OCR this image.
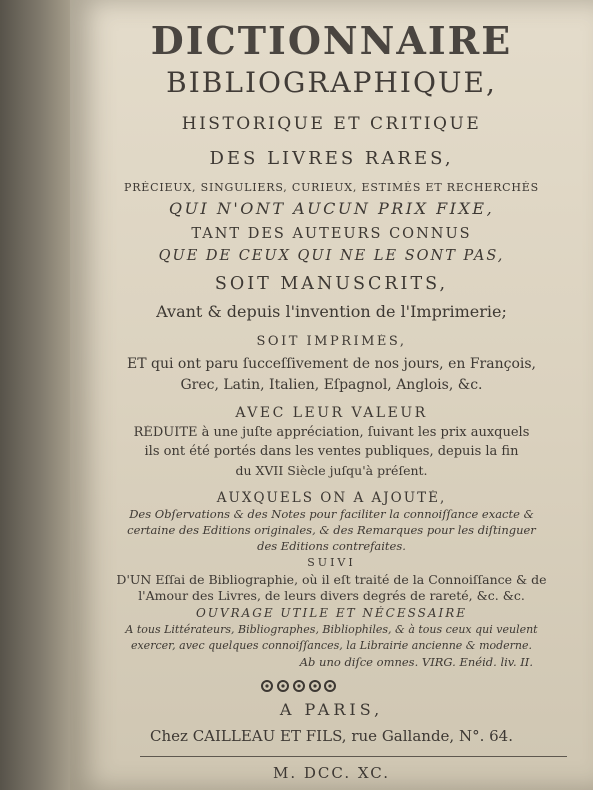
DICTIONNAIRE
BIBLIOGRAPHIQUE,
HISTORIQUE ET CRITIQUE
DES LIVRES RARES,
PRÉCIEUX, SINGULIERS, CURIEUX, ESTIMÉS ET RECHERCHÉS
QUI N'ONT AUCUN PRIX FIXE,
TANT DES AUTEURS CONNUS
QUE DE CEUX QUI NE LE SONT PAS,
SOIT MANUSCRITS,
Avant & depuis l'invention de l'Imprimerie;
SOIT IMPRIMÉS,
ET qui ont paru ſucceſſivement de nos jours, en François,
Grec, Latin, Italien, Eſpagnol, Anglois, &c.
AVEC LEUR VALEUR
RÉDUITE à une juſte appréciation, ſuivant les prix auxquels
ils ont été portés dans les ventes publiques, depuis la fin
du XVII Siècle juſqu'à préſent.
AUXQUELS ON A AJOUTÉ,
Des Obſervations & des Notes pour faciliter la connoiſſance exacte &
certaine des Editions originales, & des Remarques pour les diſtinguer
des Editions contrefaites.
SUIVI
D'UN Eſſai de Bibliographie, où il eſt traité de la Connoiſſance & de
l'Amour des Livres, de leurs divers degrés de rareté, &c. &c.
OUVRAGE UTILE ET NÉCESSAIRE
A tous Littérateurs, Bibliographes, Bibliophiles, & à tous ceux qui veulent
exercer, avec quelques connoiſſances, la Librairie ancienne & moderne.
Ab uno diſce omnes. VIRG. Enéid. liv. II.
A PARIS,
Chez CAILLEAU ET FILS, rue Gallande, N°. 64.
M. DCC. XC.
